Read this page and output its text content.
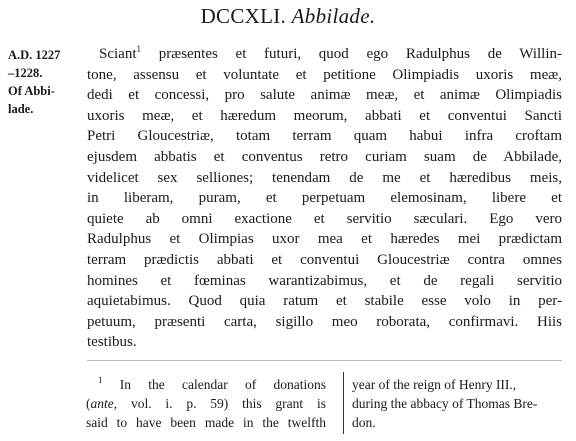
DCCXLI. Abbilade.
A.D. 1227
–1228.
Of Abbi-
lade.
Sciant$^1$ præsentes et futuri, quod ego Radulphus de Willin-
tone, assensu et voluntate et petitione Olimpiadis uxoris meæ,
dedi et concessi, pro salute animæ meæ, et animæ Olimpiadis
uxoris meæ, et hæredum meorum, abbati et conventui Sancti
Petri Gloucestriæ, totam terram quam habui infra croftam
ejusdem abbatis et conventus retro curiam suam de Abbilade,
videlicet sex selliones; tenendam de me et hæredibus meis,
in liberam, puram, et perpetuam elemosinam, libere et
quiete ab omni exactione et servitio sæculari. Ego vero
Radulphus et Olimpias uxor mea et hæredes mei prædictam
terram prædictis abbati et conventui Gloucestriæ contra omnes
homines et fœminas warantizabimus, et de regali servitio
aquietabimus. Quod quia ratum et stabile esse volo in per-
petuum, præsenti carta, sigillo meo roborata, confirmavi. Hiis
testibus.
$^1$ In the calendar of donations
(ante, vol. i. p. 59) this grant is
said to have been made in the twelfth
year of the reign of Henry III.,
during the abbacy of Thomas Bre-
don.
